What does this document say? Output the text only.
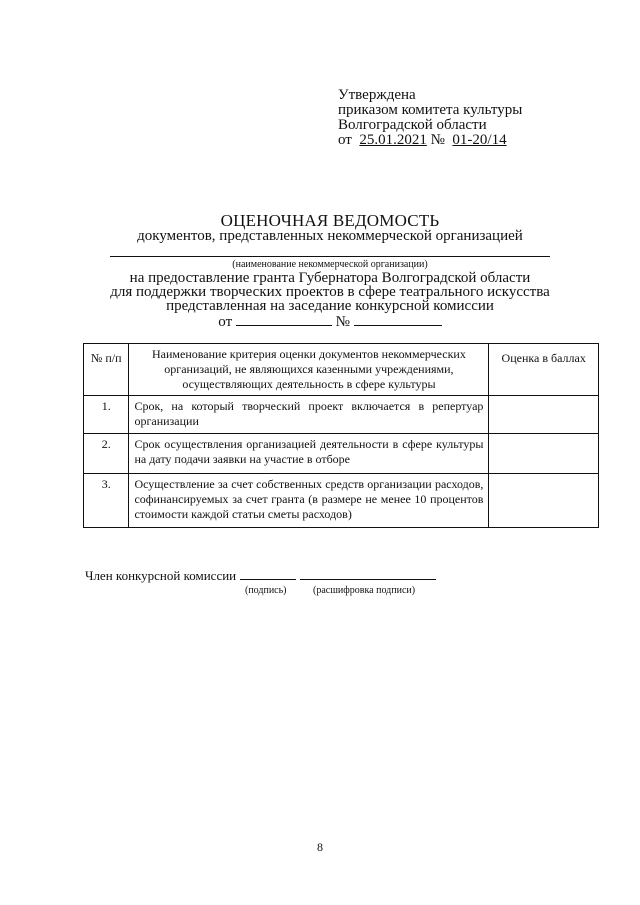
Утверждена
приказом комитета культуры
Волгоградской области
от 25.01.2021 № 01-20/14
ОЦЕНОЧНАЯ ВЕДОМОСТЬ
документов, представленных некоммерческой организацией
(наименование некоммерческой организации)
на предоставление гранта Губернатора Волгоградской области
для поддержки творческих проектов в сфере театрального искусства
представленная на заседание конкурсной комиссии
от	№
№ п/п	Наименование критерия оценки документов некоммерческих организаций, не являющихся казенными учреждениями, осуществляющих деятельность в сфере культуры	Оценка в баллах
1.	Срок, на который творческий проект включается в репертуар организации	
2.	Срок осуществления организацией деятельности в сфере культуры на дату подачи заявки на участие в отборе	
3.	Осуществление за счет собственных средств организации расходов, софинансируемых за счет гранта (в размере не менее 10 процентов стоимости каждой статьи сметы расходов)	
Член конкурсной комиссии
(подпись)	(расшифровка подписи)
8
